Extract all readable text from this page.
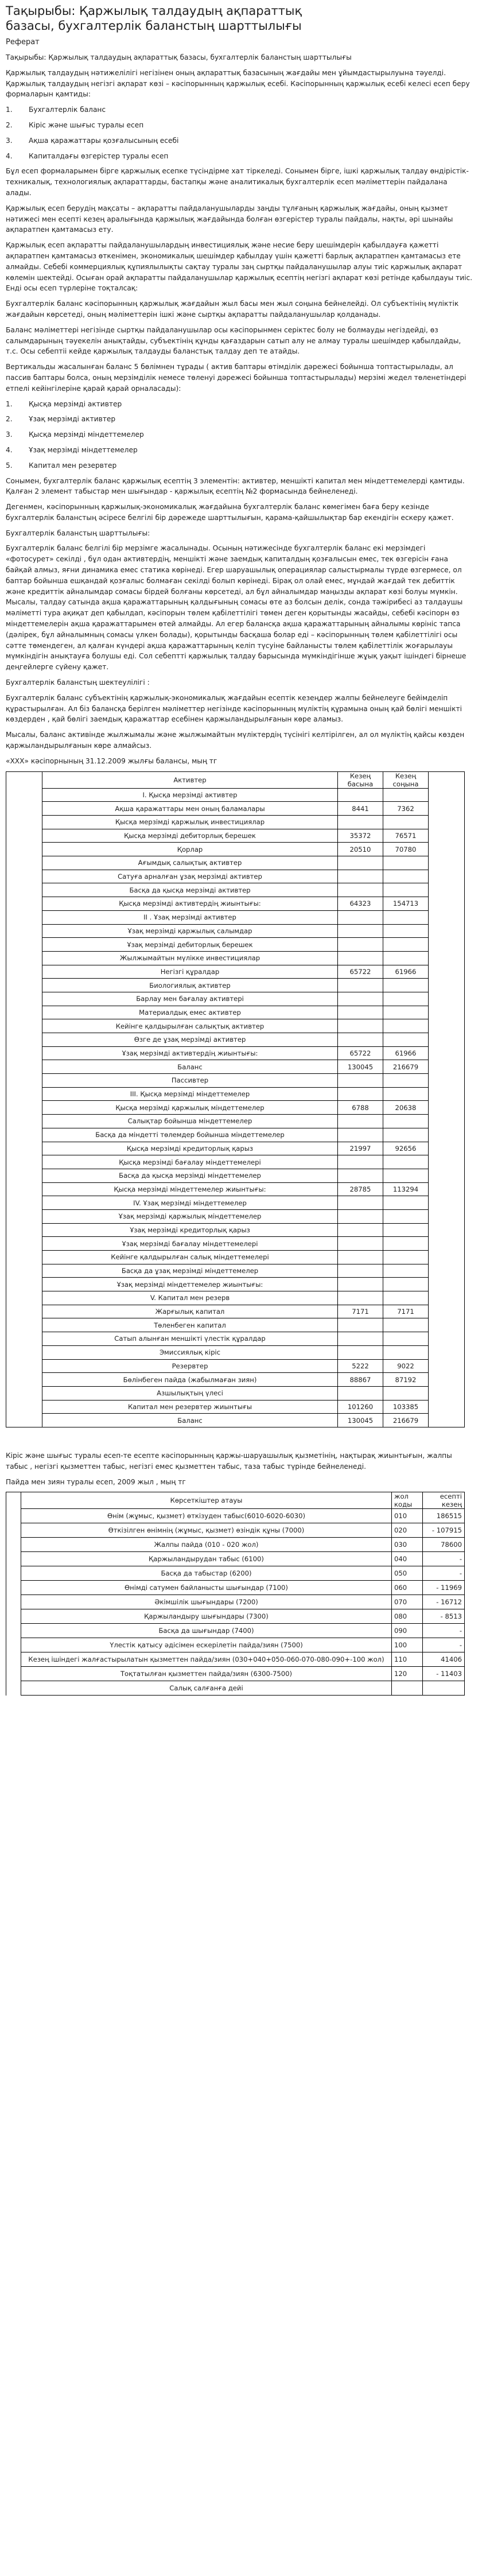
Тақырыбы: Қаржылық талдаудың ақпараттық базасы, бухгалтерлік баланстың шарттылығы
Реферат

Тақырыбы: Қаржылық талдаудың ақпараттық базасы, бухгалтерлік баланстың шарттылығы

Қаржылық талдаудың нәтижелілігі негізінен оның ақпараттық базасының жағдайы мен ұйымдастырылуына тәуелді. Қаржылық талдаудың негізгі ақпарат көзі – кәсіпорынның қаржылық есебі. Кәсіпорынның қаржылық есебі келесі есеп беру формаларын қамтиды:

1.	Бухгалтерлік баланс
2.	Кіріс және шығыс туралы есеп
3.	Ақша қаражаттары қозғалысының есебі
4.	Капиталдағы өзгерістер туралы есеп

Бұл есеп формаларымен бірге қаржылық есепке түсіндірме хат тіркеледі. Сонымен бірге, ішкі қаржылық талдау өндірістік-техникалық, технологиялық ақпараттарды, бастапқы және аналитикалық бухгалтерлік есеп мәліметтерін пайдалана алады.

Қаржылық есеп берудің мақсаты – ақпаратты пайдаланушыларды заңды тұлғаның қаржылық жағдайы, оның қызмет нәтижесі мен есепті кезең аралығында қаржылық жағдайында болған өзгерістер туралы пайдалы, нақты, әрі шынайы ақпаратпен қамтамасыз ету.

Қаржылық есеп ақпаратты пайдаланушылардың инвестициялық және несие беру шешімдерін қабылдауға қажетті ақпаратпен қамтамасыз өткенімен, экономикалық шешімдер қабылдау үшін қажетті барлық ақпаратпен қамтамасыз ете алмайды. Себебі коммерциялық құпиялылықты сақтау туралы заң сыртқы пайдаланушылар алуы тиіс қаржылық ақпарат көлемін шектейді. Осыған орай ақпаратты пайдаланушылар қаржылық есептің негізгі ақпарат көзі ретінде қабылдауы тиіс. Енді осы есеп түрлеріне тоқталсақ:

Бухгалтерлік баланс кәсіпорынның қаржылық жағдайын жыл басы мен жыл соңына бейнелейді. Ол субъектінің мүліктік жағдайын көрсетеді, оның мәліметтерін ішкі және сыртқы ақпаратты пайдаланушылар қолданады.

Баланс мәліметтері негізінде сыртқы пайдаланушылар осы кәсіпорынмен серіктес болу не болмауды негіздейді, өз салымдарының тәуекелін анықтайды, субъектінің құнды қағаздарын сатып алу не алмау туралы шешімдер қабылдайды, т.с. Осы себептіі кейде қаржылық талдауды баланстық талдау деп те атайды.

Вертикальды жасалынған баланс 5 бөлімнен тұрады ( актив баптары өтімділік дәрежесі бойынша топтастырылады, ал пассив баптары болса, оның мерзімділік немесе төленуі дәрежесі бойынша топтастырылады) мерзімі жедел төленетіндері етпелі кейінгілеріне қарай қарай орналасады):

1.	Қысқа мерзімді активтер
2.	Ұзақ мерзімді активтер
3.	Қысқа мерзімді міндеттемелер
4.	Ұзақ мерзімді міндеттемелер
5.	Капитал мен резервтер

Сонымен, бухгалтерлік баланс қаржылық есептің 3 элементін: активтер, меншікті капитал мен міндеттемелерді қамтиды. Қалған 2 элемент табыстар мен шығындар - қаржылық есептің №2 формасында бейнеленеді.

Дегенмен, кәсіпорынның қаржылық-экономикалық жағдайына бухгалтерлік баланс көмегімен баға беру кезінде бухгалтерлік баланстың әсіресе белгілі бір дәрежеде шарттылығын, қарама-қайшылықтар бар екендігін ескеру қажет.

Бухгалтерлік баланстың шарттылығы:

Бухгалтерлік баланс белгілі бір мерзімге жасалынады. Осының нәтижесінде бухгалтерлік баланс екі мерзімдегі «фотосурет» секілді , бұл одан активтердің, меншікті және заемдық капиталдың қозғалысын емес, тек өзгерісін ғана байқай алмыз, яғни динамика емес статика көрінеді. Егер шаруашылық операциялар салыстырмалы түрде өзгермесе, ол баптар бойынша ешқандай қозғалыс болмаған секілді болып көрінеді. Бірақ ол олай емес, мұндай жағдай тек дебиттік және кредиттік айналымдар сомасы бірдей болғаны көрсетеді, ал бұл айналымдар маңызды ақпарат көзі болуы мүмкін. Мысалы, талдау сатында ақша қаражаттарының қалдығының сомасы өте аз болсын делік, сонда тәжірибесі аз талдаушы мәліметті тура ақиқат деп қабылдап, кәсіпорын төлем қабілеттілігі төмен деген қорытынды жасайды, себебі кәсіпорн өз міндеттемелерін ақша қаражаттарымен өтей алмайды. Ал егер балансқа ақша қаражаттарының айналымы көрініс тапса (дәлірек, бұл айналымның сомасы үлкен болады), қорытынды басқаша болар еді – кәсіпорынның төлем қабілеттілігі осы сәтте төмендеген, ал қалған күндері ақша қаражаттарының келіп түсуіне байланысты төлем қабілеттілік жоғарылауы мүмкіндігін анықтауға болушы еді. Сол себептті қаржылық талдау барысында мүмкіндігінше жұық уақыт ішіндегі бірнеше деңгейлерге сүйену қажет.

Бухгалтерлік баланстың шектеулілігі :

Бухгалтерлік баланс субъектінің қаржылық-экономикалық жағдайын есептік кезеңдер жалпы бейнелеуге бейімделіп құрастырылған. Ал біз балансқа берілген мәліметтер негізінде кәсіпорынның мүліктің құрамына оның қай бөлігі меншікті көздерден , қай бөлігі заемдық қаражаттар есебінен қаржыландырылғанын көре аламыз.

Мысалы, баланс активінде жылжымалы және жылжымайтын мүліктердің түсінігі келтірілген, ал ол мүліктің қайсы көзден қаржыландырылғанын көре алмайсыз.

«XXX» кәсіпорнының 31.12.2009 жылғы балансы, мың тг

	Активтер	Кезең басына	Кезең соңына	
	I. Қысқа мерзімді активтер			
	Ақша қаражаттары мен оның баламалары	8441	7362	
	Қысқа мерзімді қаржылық инвестициялар			
	Қысқа мерзімді дебиторлық берешек	35372	76571	
	Қорлар	20510	70780	
	Ағымдық салықтық активтер			
	Сатуға арналған ұзақ мерзімді активтер			
	Басқа да қысқа мерзімді активтер			
	Қысқа мерзімді активтердің жиынтығы:	64323	154713	
	II . Ұзақ мерзімді активтер			
	Ұзақ мерзімді қаржылық салымдар			
	Ұзақ мерзімді дебиторлық берешек			
	Жылжымайтын мүлікке инвестициялар			
	Негізгі құралдар	65722	61966	
	Биологиялық активтер			
	Барлау мен бағалау активтері			
	Материалдық емес активтер			
	Кейінге қалдырылған салықтық активтер			
	Өзге де ұзақ мерзімді активтер			
	Ұзақ мерзімді активтердің жиынтығы:	65722	61966	
	Баланс	130045	216679	
	Пассивтер			
	III. Қысқа мерзімді міндеттемелер			
	Қысқа мерзімді қаржылық міндеттемелер	6788	20638	
	Салықтар бойынша міндеттемелер			
	Басқа да міндетті төлемдер бойынша міндеттемелер			
	Қысқа мерзімді кредиторлық қарыз	21997	92656	
	Қысқа мерзімді бағалау міндеттемелері			
	Басқа да қысқа мерзімді міндеттемелер			
	Қысқа мерзімді міндеттемелер жиынтығы:	28785	113294	
	IV. Ұзақ мерзімді міндеттемелер			
	Ұзақ мерзімді қаржылық міндеттемелер			
	Ұзақ мерзімді кредиторлық қарыз			
	Ұзақ мерзімді бағалау міндеттемелері			
	Кейінге қалдырылған салық міндеттемелері			
	Басқа да ұзақ мерзімді міндеттемелер			
	Ұзақ мерзімді міндеттемелер жиынтығы:			
	V. Капитал мен резерв			
	Жарғылық капитал	7171	7171	
	Төленбеген капитал			
	Сатып алынған меншікті үлестік құралдар			
	Эмиссиялық кіріс			
	Резервтер	5222	9022	
	Бөлінбеген пайда (жабылмаған зиян)	88867	87192	
	Азшылықтың үлесі			
	Капитал мен резервтер жиынтығы	101260	103385	
	Баланс	130045	216679	

Кіріс және шығыс туралы есеп-те есепте кәсіпорынның қаржы-шаруашылық қызметінің, нақтырақ жиынтығын, жалпы табыс , негізгі қызметтен табыс, негізгі емес қызметтен табыс, таза табыс түрінде бейнеленеді.

Пайда мен зиян туралы есеп, 2009 жыл , мың тг

	Көрсеткіштер атауы	жол коды	есепті кезең
	Өнім (жұмыс, қызмет) өткізуден табыс(6010-6020-6030)	010	186515
	Өткізілген өнімнің (жұмыс, қызмет) өзіндік құны (7000)	020	- 107915
	Жалпы пайда (010 - 020 жол)	030	78600
	Қаржыландырудан табыс (6100)	040	-
	Басқа да табыстар (6200)	050	-
	Өнімді сатумен байланысты шығындар (7100)	060	- 11969
	Әкімшілік шығындары (7200)	070	- 16712
	Қаржыландыру шығындары (7300)	080	- 8513
	Басқа да шығындар (7400)	090	-
	Үлестік қатысу әдісімен ескерілетін пайда/зиян (7500)	100	-
	Кезең ішіндегі жалғастырылатын қызметтен пайда/зиян (030+040+050-060-070-080-090+-100 жол)	110	41406
	Тоқтатылған қызметтен пайда/зиян (6300-7500)	120	- 11403
	Салық салғанға дейі		
